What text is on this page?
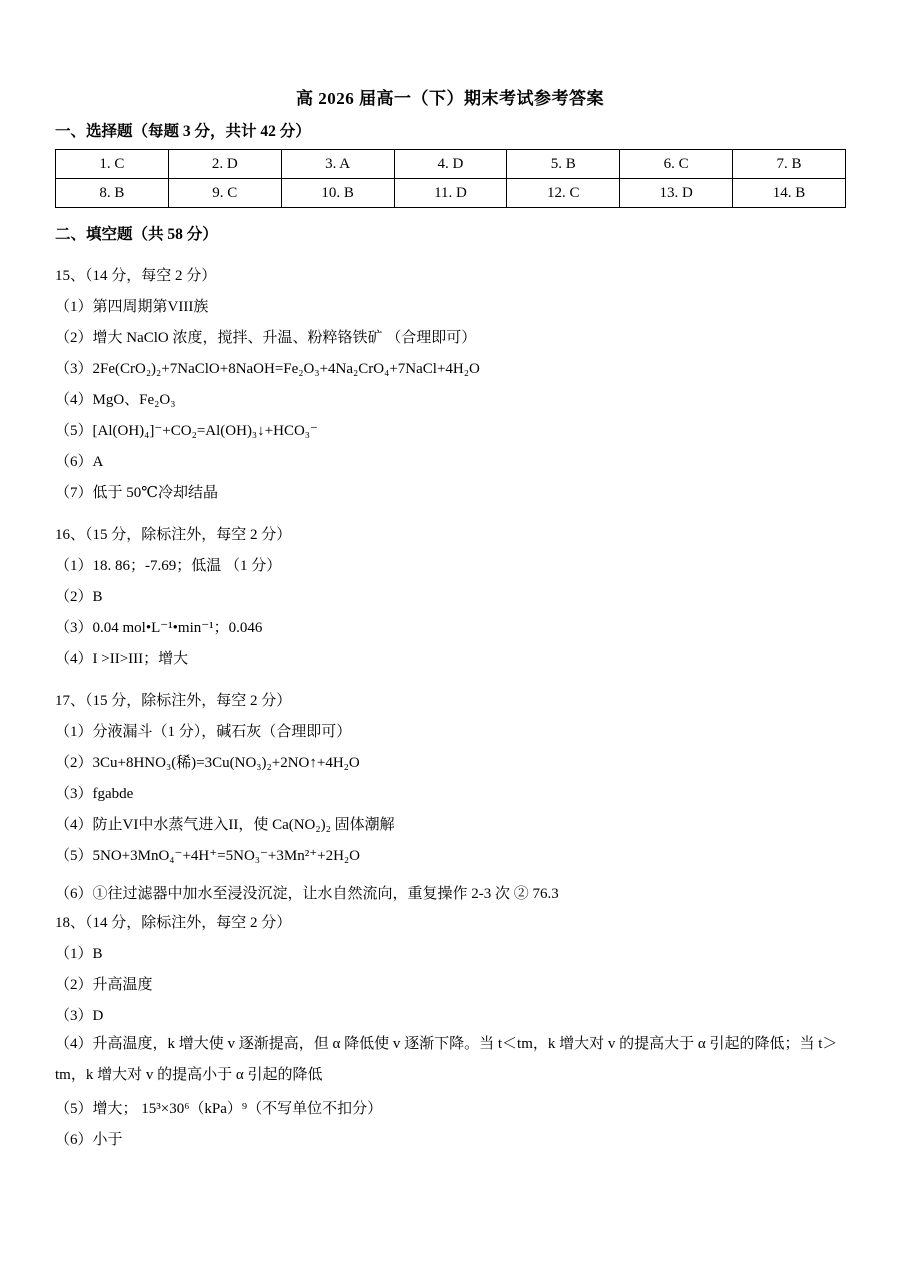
高 2026 届高一（下）期末考试参考答案
一、选择题（每题 3 分，共计 42 分）
1. C	2. D	3. A	4. D	5. B	6. C	7. B
8. B	9. C	10. B	11. D	12. C	13. D	14. B
二、填空题（共 58 分）
15、（14 分，每空 2 分）
（1）第四周期第VIII族
（2）增大 NaClO 浓度，搅拌、升温、粉粹铬铁矿 （合理即可）
（3）2Fe(CrO₂)₂+7NaClO+8NaOH=Fe₂O₃+4Na₂CrO₄+7NaCl+4H₂O
（4）MgO、Fe₂O₃
（5）[Al(OH)₄]⁻+CO₂=Al(OH)₃↓+HCO₃⁻
（6）A
（7）低于 50℃冷却结晶
16、（15 分，除标注外，每空 2 分）
（1）18. 86；-7.69；低温 （1 分）
（2）B
（3）0.04 mol•L⁻¹•min⁻¹；0.046
（4）I >II>III；增大
17、（15 分，除标注外，每空 2 分）
（1）分液漏斗（1 分），碱石灰（合理即可）
（2）3Cu+8HNO₃(稀)=3Cu(NO₃)₂+2NO↑+4H₂O
（3）fgabde
（4）防止VI中水蒸气进入II，使 Ca(NO₂)₂ 固体潮解
（5）5NO+3MnO₄⁻+4H⁺=5NO₃⁻+3Mn²⁺+2H₂O
（6）①往过滤器中加水至浸没沉淀，让水自然流向，重复操作 2-3 次 ② 76.3
18、（14 分，除标注外，每空 2 分）
（1）B
（2）升高温度
（3）D
（4）升高温度，k 增大使 v 逐渐提高，但 α 降低使 v 逐渐下降。当 t＜tm，k 增大对 v 的提高大于 α 引起的降低；当 t＞tm，k 增大对 v 的提高小于 α 引起的降低
（5）增大； 15³×30⁶（kPa）⁹（不写单位不扣分）
（6）小于
